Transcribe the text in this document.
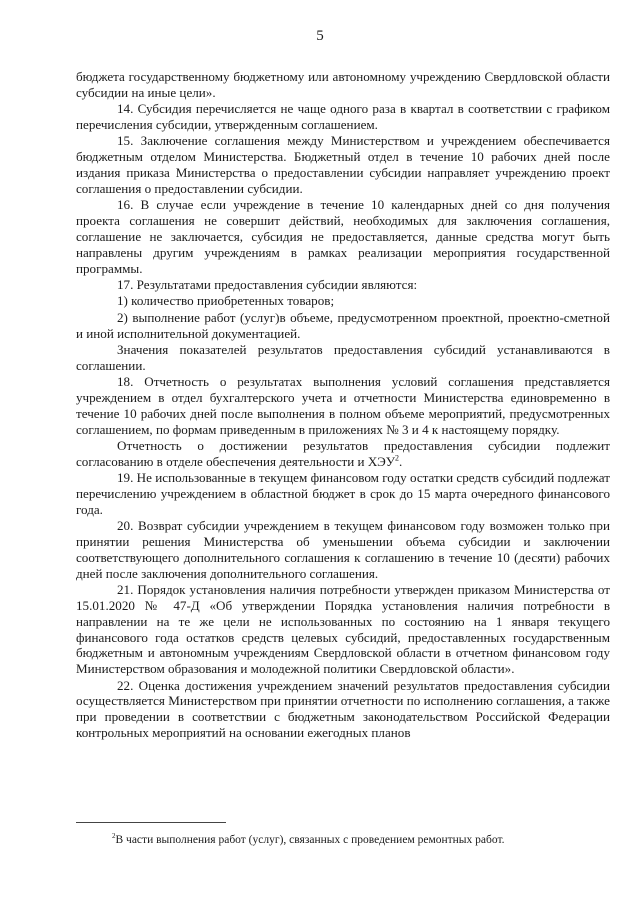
5

бюджета государственному бюджетному или автономному учреждению Свердловской области субсидии на иные цели».

14. Субсидия перечисляется не чаще одного раза в квартал в соответствии с графиком перечисления субсидии, утвержденным соглашением.

15. Заключение соглашения между Министерством и учреждением обеспечивается бюджетным отделом Министерства. Бюджетный отдел в течение 10 рабочих дней после издания приказа Министерства о предоставлении субсидии направляет учреждению проект соглашения о предоставлении субсидии.

16. В случае если учреждение в течение 10 календарных дней со дня получения проекта соглашения не совершит действий, необходимых для заключения соглашения, соглашение не заключается, субсидия не предоставляется, данные средства могут быть направлены другим учреждениям в рамках реализации мероприятия государственной программы.

17. Результатами предоставления субсидии являются:

1) количество приобретенных товаров;

2) выполнение работ (услуг)в объеме, предусмотренном проектной, проектно-сметной и иной исполнительной документацией.

Значения показателей результатов предоставления субсидий устанавливаются в соглашении.

18. Отчетность о результатах выполнения условий соглашения представляется учреждением в отдел бухгалтерского учета и отчетности Министерства единовременно в течение 10 рабочих дней после выполнения в полном объеме мероприятий, предусмотренных соглашением, по формам приведенным в приложениях № 3 и 4 к настоящему порядку.

Отчетность о достижении результатов предоставления субсидии подлежит согласованию в отделе обеспечения деятельности и ХЭУ$^2$.

19. Не использованные в текущем финансовом году остатки средств субсидий подлежат перечислению учреждением в областной бюджет в срок до 15 марта очередного финансового года.

20. Возврат субсидии учреждением в текущем финансовом году возможен только при принятии решения Министерства об уменьшении объема субсидии и заключении соответствующего дополнительного соглашения к соглашению в течение 10 (десяти) рабочих дней после заключения дополнительного соглашения.

21. Порядок установления наличия потребности утвержден приказом Министерства от 15.01.2020 № 47-Д «Об утверждении Порядка установления наличия потребности в направлении на те же цели не использованных по состоянию на 1 января текущего финансового года остатков средств целевых субсидий, предоставленных государственным бюджетным и автономным учреждениям Свердловской области в отчетном финансовом году Министерством образования и молодежной политики Свердловской области».

22. Оценка достижения учреждением значений результатов предоставления субсидии осуществляется Министерством при принятии отчетности по исполнению соглашения, а также при проведении в соответствии с бюджетным законодательством Российской Федерации контрольных мероприятий на основании ежегодных планов

$^2$В части выполнения работ (услуг), связанных с проведением ремонтных работ.
